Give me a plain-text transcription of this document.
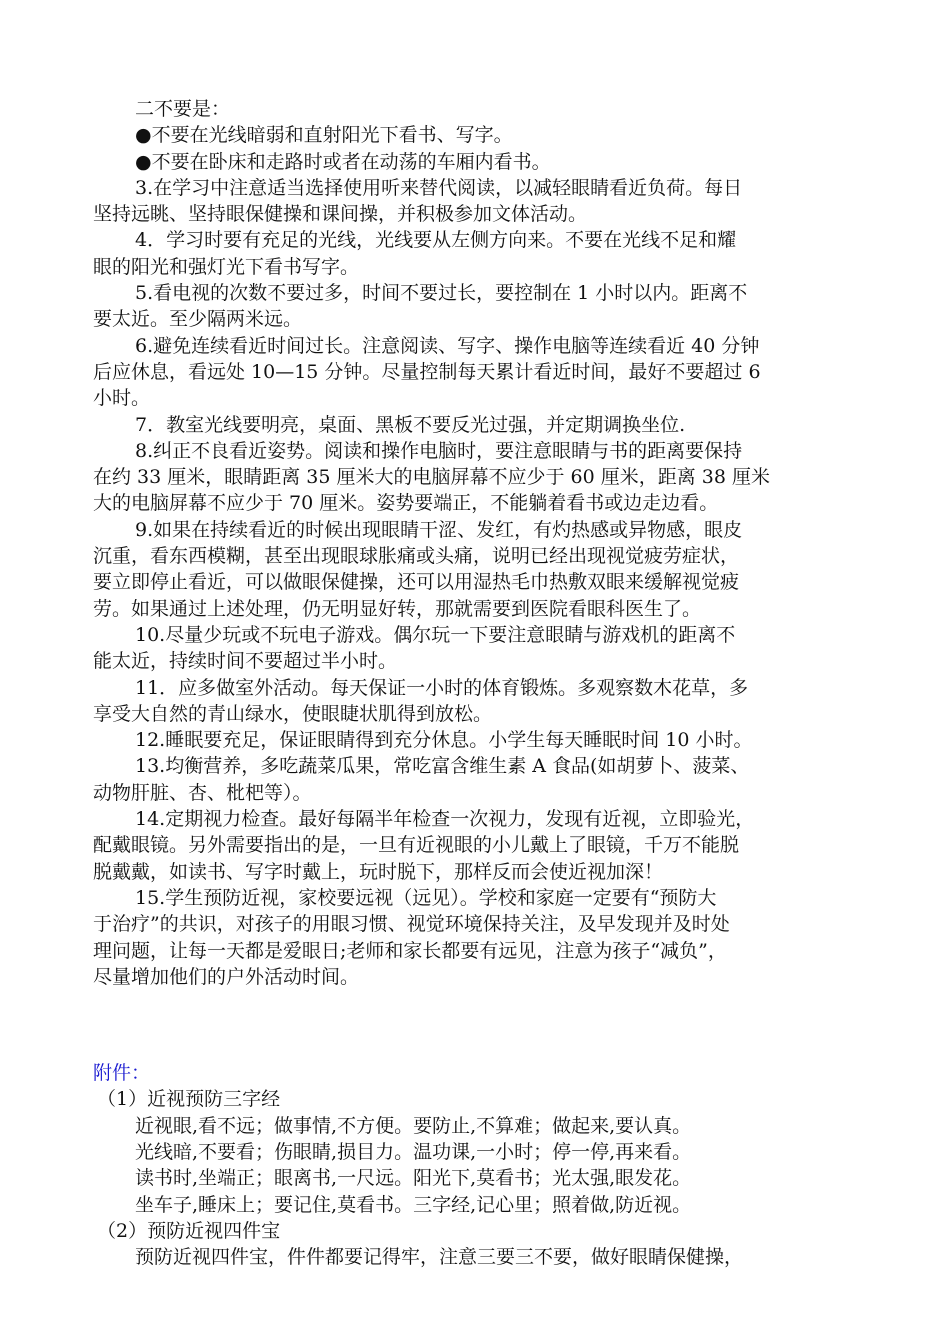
二不要是：
●不要在光线暗弱和直射阳光下看书、写字。
●不要在卧床和走路时或者在动荡的车厢内看书。
3.在学习中注意适当选择使用听来替代阅读，以减轻眼睛看近负荷。每日
坚持远眺、坚持眼保健操和课间操，并积极参加文体活动。
4．学习时要有充足的光线，光线要从左侧方向来。不要在光线不足和耀
眼的阳光和强灯光下看书写字。
5.看电视的次数不要过多，时间不要过长，要控制在 1 小时以内。距离不
要太近。至少隔两米远。
6.避免连续看近时间过长。注意阅读、写字、操作电脑等连续看近 40 分钟
后应休息，看远处 10—15 分钟。尽量控制每天累计看近时间，最好不要超过 6
小时。
7．教室光线要明亮，桌面、黑板不要反光过强，并定期调换坐位.
8.纠正不良看近姿势。阅读和操作电脑时，要注意眼睛与书的距离要保持
在约 33 厘米，眼睛距离 35 厘米大的电脑屏幕不应少于 60 厘米，距离 38 厘米
大的电脑屏幕不应少于 70 厘米。姿势要端正，不能躺着看书或边走边看。
9.如果在持续看近的时候出现眼睛干涩、发红，有灼热感或异物感，眼皮
沉重，看东西模糊，甚至出现眼球胀痛或头痛，说明已经出现视觉疲劳症状，
要立即停止看近，可以做眼保健操，还可以用湿热毛巾热敷双眼来缓解视觉疲
劳。如果通过上述处理，仍无明显好转，那就需要到医院看眼科医生了。
10.尽量少玩或不玩电子游戏。偶尔玩一下要注意眼睛与游戏机的距离不
能太近，持续时间不要超过半小时。
11．应多做室外活动。每天保证一小时的体育锻炼。多观察数木花草，多
享受大自然的青山绿水，使眼睫状肌得到放松。
12.睡眠要充足，保证眼睛得到充分休息。小学生每天睡眠时间 10 小时。
13.均衡营养，多吃蔬菜瓜果，常吃富含维生素 A 食品(如胡萝卜、菠菜、
动物肝脏、杏、枇杷等）。
14.定期视力检查。最好每隔半年检查一次视力，发现有近视，立即验光，
配戴眼镜。另外需要指出的是，一旦有近视眼的小儿戴上了眼镜，千万不能脱
脱戴戴，如读书、写字时戴上，玩时脱下，那样反而会使近视加深！
15.学生预防近视，家校要远视（远见）。学校和家庭一定要有“预防大
于治疗”的共识，对孩子的用眼习惯、视觉环境保持关注，及早发现并及时处
理问题，让每一天都是爱眼日;老师和家长都要有远见，注意为孩子“减负”，
尽量增加他们的户外活动时间。
附件：
（1）近视预防三字经
近视眼,看不远；做事情,不方便。要防止,不算难；做起来,要认真。
光线暗,不要看；伤眼睛,损目力。温功课,一小时；停一停,再来看。
读书时,坐端正；眼离书,一尺远。阳光下,莫看书；光太强,眼发花。
坐车子,睡床上；要记住,莫看书。三字经,记心里；照着做,防近视。
（2）预防近视四件宝
预防近视四件宝，件件都要记得牢，注意三要三不要，做好眼睛保健操，
